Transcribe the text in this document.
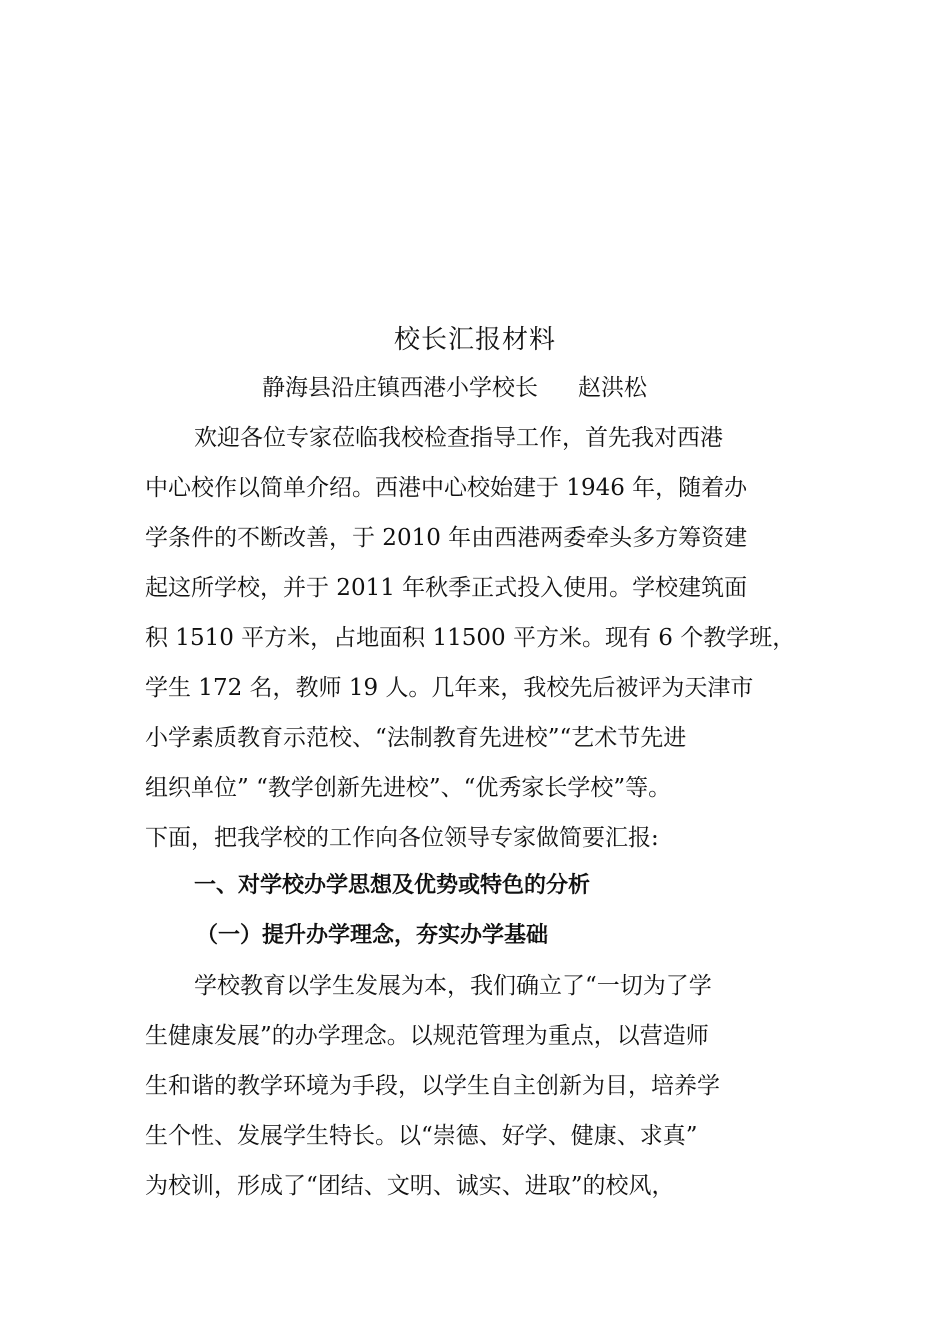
校长汇报材料
静海县沿庄镇西港小学校长 赵洪松
欢迎各位专家莅临我校检查指导工作，首先我对西港
中心校作以简单介绍。西港中心校始建于 1946 年，随着办
学条件的不断改善，于 2010 年由西港两委牵头多方筹资建
起这所学校，并于 2011 年秋季正式投入使用。学校建筑面
积 1510 平方米，占地面积 11500 平方米。现有 6 个教学班，
学生 172 名，教师 19 人。几年来，我校先后被评为天津市
小学素质教育示范校、“法制教育先进校”“艺术节先进
组织单位” “教学创新先进校”、“优秀家长学校”等。
下面，把我学校的工作向各位领导专家做简要汇报:
一、对学校办学思想及优势或特色的分析
（一）提升办学理念，夯实办学基础
学校教育以学生发展为本，我们确立了“一切为了学
生健康发展”的办学理念。以规范管理为重点，以营造师
生和谐的教学环境为手段，以学生自主创新为目，培养学
生个性、发展学生特长。以“崇德、好学、健康、求真”
为校训，形成了“团结、文明、诚实、进取”的校风，
